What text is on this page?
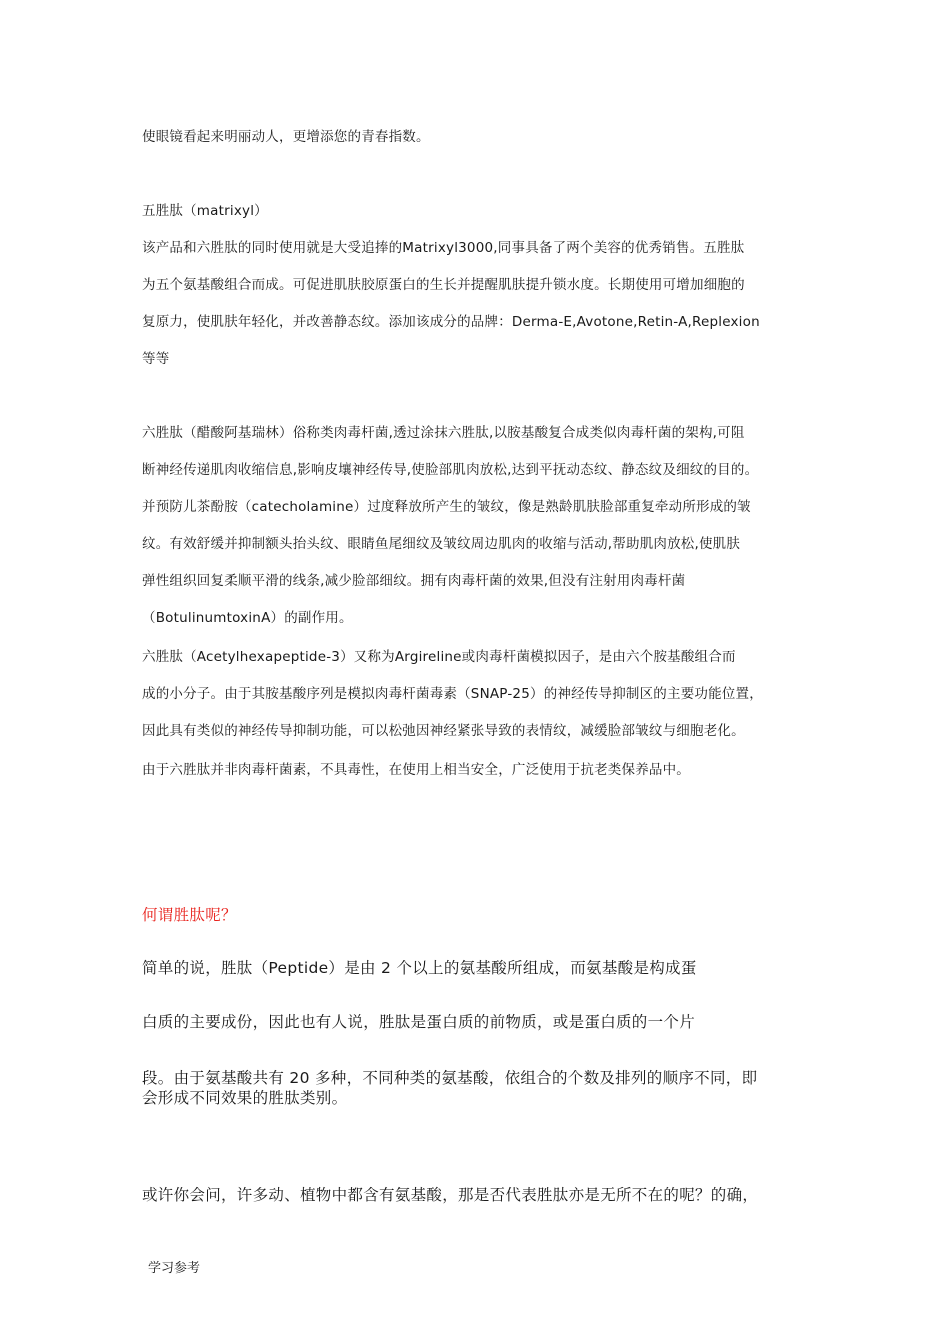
使眼镜看起来明丽动人，更增添您的青春指数。
五胜肽（matrixyl）
该产品和六胜肽的同时使用就是大受追捧的Matrixyl3000,同事具备了两个美容的优秀销售。五胜肽
为五个氨基酸组合而成。可促进肌肤胶原蛋白的生长并提醒肌肤提升锁水度。长期使用可增加细胞的
复原力，使肌肤年轻化，并改善静态纹。添加该成分的品牌：Derma-E,Avotone,Retin-A,Replexion
等等
六胜肽（醋酸阿基瑞林）俗称类肉毒杆菌,透过涂抹六胜肽,以胺基酸复合成类似肉毒杆菌的架构,可阻
断神经传递肌肉收缩信息,影响皮壤神经传导,使脸部肌肉放松,达到平抚动态纹、静态纹及细纹的目的。
并预防儿茶酚胺（catecholamine）过度释放所产生的皱纹，像是熟龄肌肤脸部重复牵动所形成的皱
纹。有效舒缓并抑制额头抬头纹、眼睛鱼尾细纹及皱纹周边肌肉的收缩与活动,帮助肌肉放松,使肌肤
弹性组织回复柔顺平滑的线条,减少脸部细纹。拥有肉毒杆菌的效果,但没有注射用肉毒杆菌
（BotulinumtoxinA）的副作用。
六胜肽（Acetylhexapeptide-3）又称为Argireline或肉毒杆菌模拟因子，是由六个胺基酸组合而
成的小分子。由于其胺基酸序列是模拟肉毒杆菌毒素（SNAP-25）的神经传导抑制区的主要功能位置，
因此具有类似的神经传导抑制功能，可以松弛因神经紧张导致的表情纹，减缓脸部皱纹与细胞老化。
由于六胜肽并非肉毒杆菌素，不具毒性，在使用上相当安全，广泛使用于抗老类保养品中。
何谓胜肽呢？
简单的说，胜肽（Peptide）是由 2 个以上的氨基酸所组成，而氨基酸是构成蛋
白质的主要成份，因此也有人说，胜肽是蛋白质的前物质，或是蛋白质的一个片
段。由于氨基酸共有 20 多种，不同种类的氨基酸，依组合的个数及排列的顺序不同，即
会形成不同效果的胜肽类别。
或许你会问，许多动、植物中都含有氨基酸，那是否代表胜肽亦是无所不在的呢？的确，
学习参考
